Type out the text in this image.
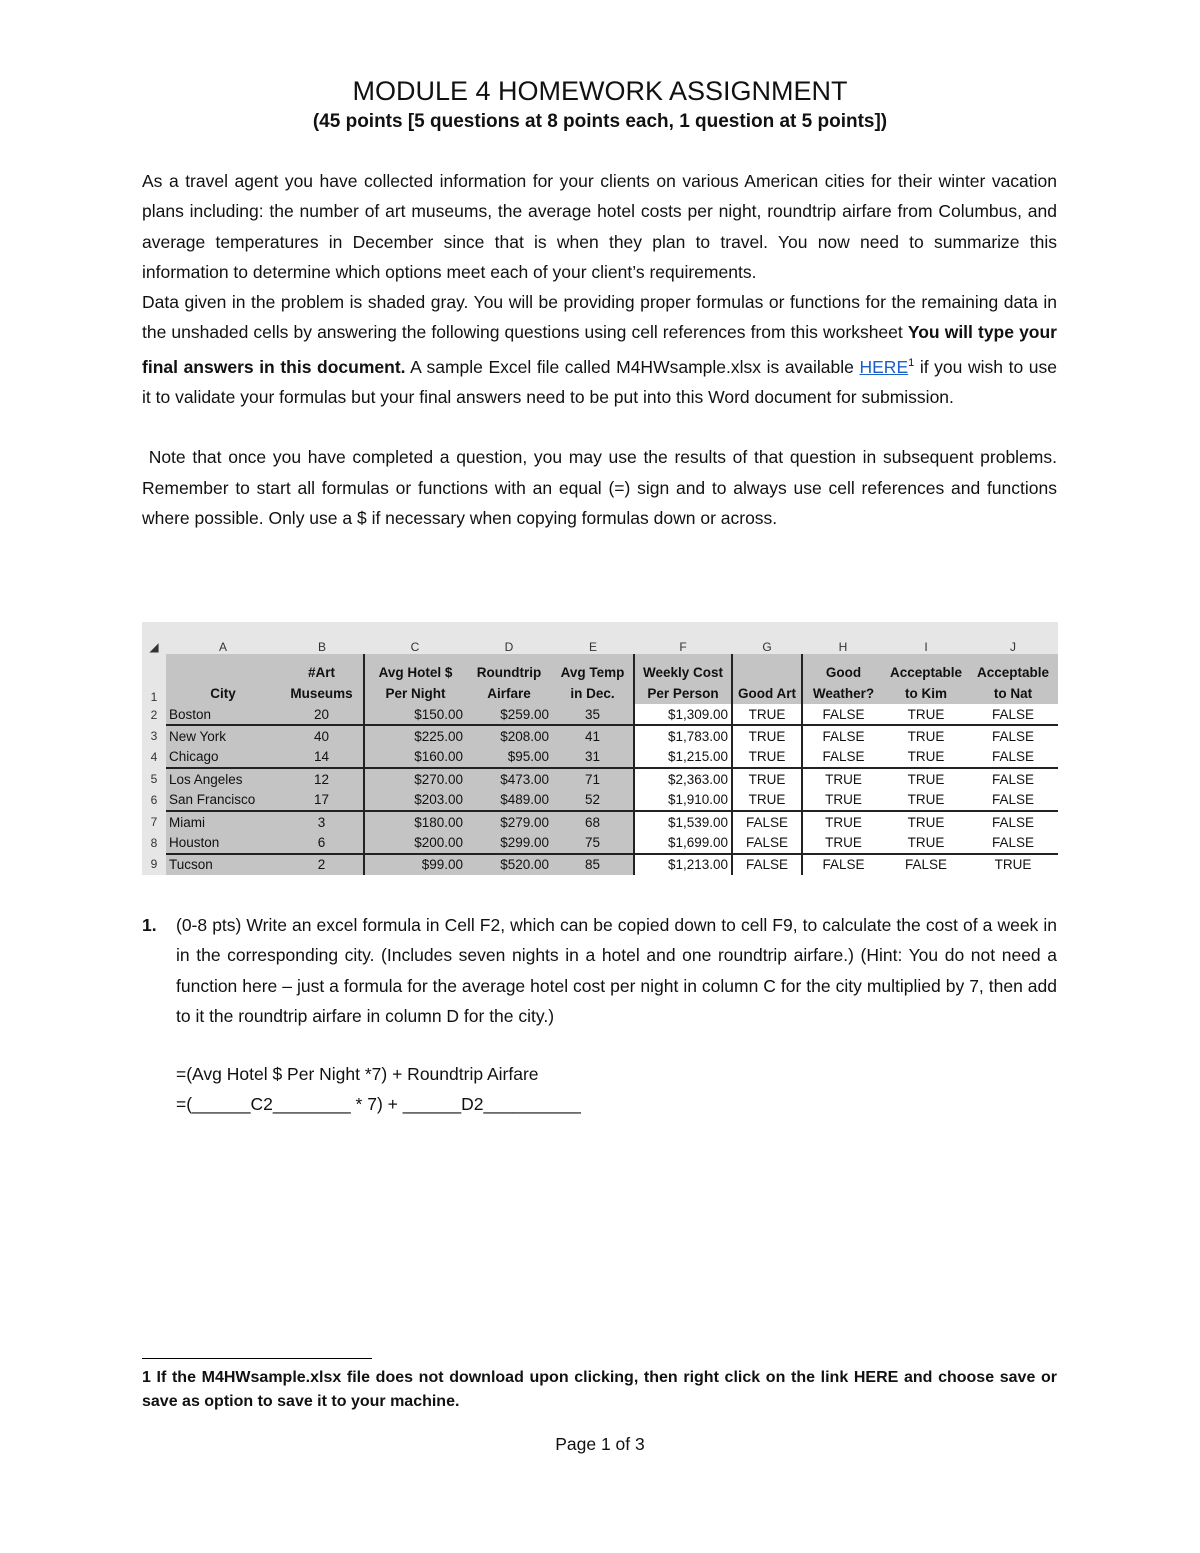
MODULE 4 HOMEWORK ASSIGNMENT
(45 points [5 questions at 8 points each, 1 question at 5 points])

As a travel agent you have collected information for your clients on various American cities for their winter vacation plans including: the number of art museums, the average hotel costs per night, roundtrip airfare from Columbus, and average temperatures in December since that is when they plan to travel. You now need to summarize this information to determine which options meet each of your client’s requirements.

Data given in the problem is shaded gray. You will be providing proper formulas or functions for the remaining data in the unshaded cells by answering the following questions using cell references from this worksheet You will type your final answers in this document. A sample Excel file called M4HWsample.xlsx is available HERE$^1$ if you wish to use it to validate your formulas but your final answers need to be put into this Word document for submission.

Note that once you have completed a question, you may use the results of that question in subsequent problems. Remember to start all formulas or functions with an equal (=) sign and to always use cell references and functions where possible. Only use a $ if necessary when copying formulas down or across.

◢	A	B	C	D	E	F	G	H	I	J
1	City	#Art Museums	Avg Hotel $ Per Night	Roundtrip Airfare	Avg Temp in Dec.	Weekly Cost Per Person	Good Art	Good Weather?	Acceptable to Kim	Acceptable to Nat
2	Boston	20	$150.00	$259.00	35	$1,309.00	TRUE	FALSE	TRUE	FALSE
3	New York	40	$225.00	$208.00	41	$1,783.00	TRUE	FALSE	TRUE	FALSE
4	Chicago	14	$160.00	$95.00	31	$1,215.00	TRUE	FALSE	TRUE	FALSE
5	Los Angeles	12	$270.00	$473.00	71	$2,363.00	TRUE	TRUE	TRUE	FALSE
6	San Francisco	17	$203.00	$489.00	52	$1,910.00	TRUE	TRUE	TRUE	FALSE
7	Miami	3	$180.00	$279.00	68	$1,539.00	FALSE	TRUE	TRUE	FALSE
8	Houston	6	$200.00	$299.00	75	$1,699.00	FALSE	TRUE	TRUE	FALSE
9	Tucson	2	$99.00	$520.00	85	$1,213.00	FALSE	FALSE	FALSE	TRUE
1. (0-8 pts) Write an excel formula in Cell F2, which can be copied down to cell F9, to calculate the cost of a week in in the corresponding city. (Includes seven nights in a hotel and one roundtrip airfare.) (Hint: You do not need a function here – just a formula for the average hotel cost per night in column C for the city multiplied by 7, then add to it the roundtrip airfare in column D for the city.)
=(Avg Hotel $ Per Night *7) + Roundtrip Airfare
=(______C2________ * 7) + ______D2__________
1 If the M4HWsample.xlsx file does not download upon clicking, then right click on the link HERE and choose save or save as option to save it to your machine.
Page 1 of 3
